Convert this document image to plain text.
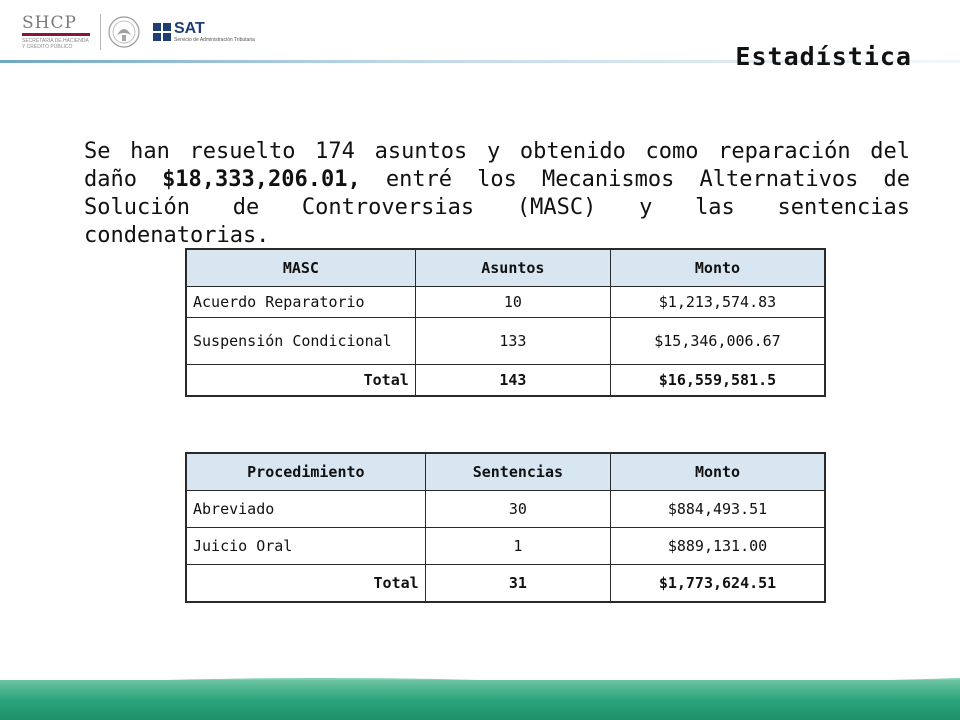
SHCP
SECRETARÍA DE HACIENDA
Y CRÉDITO PÚBLICO
SAT
Servicio de Administración Tributaria
Estadística

Se han resuelto 174 asuntos y obtenido como reparación del daño $18,333,206.01, entré los Mecanismos Alternativos de Solución de Controversias (MASC) y las sentencias condenatorias.

MASC	Asuntos	Monto
Acuerdo Reparatorio	10	$1,213,574.83
Suspensión Condicional	133	$15,346,006.67
Total	143	$16,559,581.5
Procedimiento	Sentencias	Monto
Abreviado	30	$884,493.51
Juicio Oral	1	$889,131.00
Total	31	$1,773,624.51
